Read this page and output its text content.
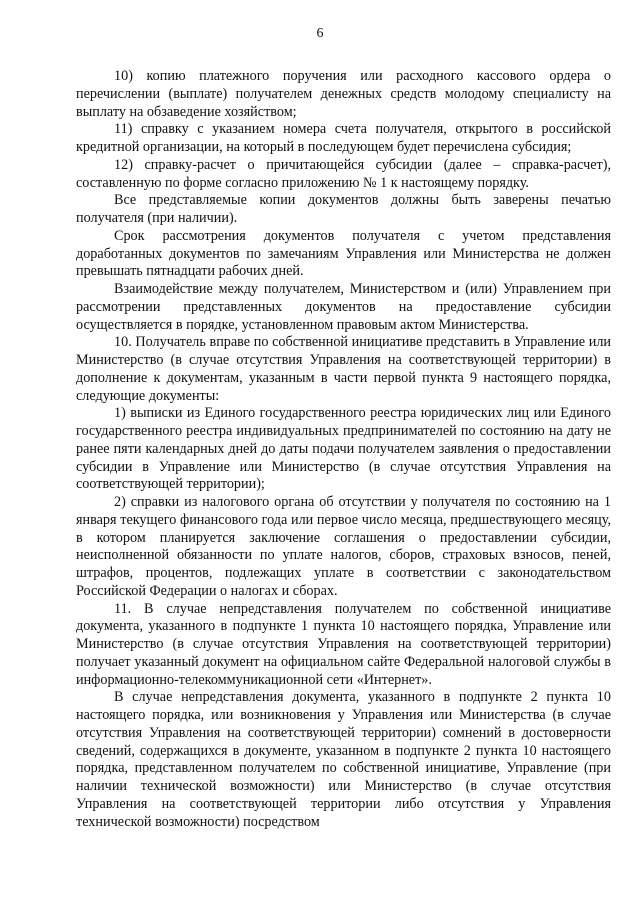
6

10) копию платежного поручения или расходного кассового ордера о перечислении (выплате) получателем денежных средств молодому специалисту на выплату на обзаведение хозяйством;

11) справку с указанием номера счета получателя, открытого в российской кредитной организации, на который в последующем будет перечислена субсидия;

12) справку-расчет о причитающейся субсидии (далее – справка-расчет), составленную по форме согласно приложению № 1 к настоящему порядку.

Все представляемые копии документов должны быть заверены печатью получателя (при наличии).

Срок рассмотрения документов получателя с учетом представления доработанных документов по замечаниям Управления или Министерства не должен превышать пятнадцати рабочих дней.

Взаимодействие между получателем, Министерством и (или) Управлением при рассмотрении представленных документов на предоставление субсидии осуществляется в порядке, установленном правовым актом Министерства.

10. Получатель вправе по собственной инициативе представить в Управление или Министерство (в случае отсутствия Управления на соответствующей территории) в дополнение к документам, указанным в части первой пункта 9 настоящего порядка, следующие документы:

1) выписки из Единого государственного реестра юридических лиц или Единого государственного реестра индивидуальных предпринимателей по состоянию на дату не ранее пяти календарных дней до даты подачи получателем заявления о предоставлении субсидии в Управление или Министерство (в случае отсутствия Управления на соответствующей территории);

2) справки из налогового органа об отсутствии у получателя по состоянию на 1 января текущего финансового года или первое число месяца, предшествующего месяцу, в котором планируется заключение соглашения о предоставлении субсидии, неисполненной обязанности по уплате налогов, сборов, страховых взносов, пеней, штрафов, процентов, подлежащих уплате в соответствии с законодательством Российской Федерации о налогах и сборах.

11. В случае непредставления получателем по собственной инициативе документа, указанного в подпункте 1 пункта 10 настоящего порядка, Управление или Министерство (в случае отсутствия Управления на соответствующей территории) получает указанный документ на официальном сайте Федеральной налоговой службы в информационно-телекоммуникационной сети «Интернет».

В случае непредставления документа, указанного в подпункте 2 пункта 10 настоящего порядка, или возникновения у Управления или Министерства (в случае отсутствия Управления на соответствующей территории) сомнений в достоверности сведений, содержащихся в документе, указанном в подпункте 2 пункта 10 настоящего порядка, представленном получателем по собственной инициативе, Управление (при наличии технической возможности) или Министерство (в случае отсутствия Управления на соответствующей территории либо отсутствия у Управления технической возможности) посредством
